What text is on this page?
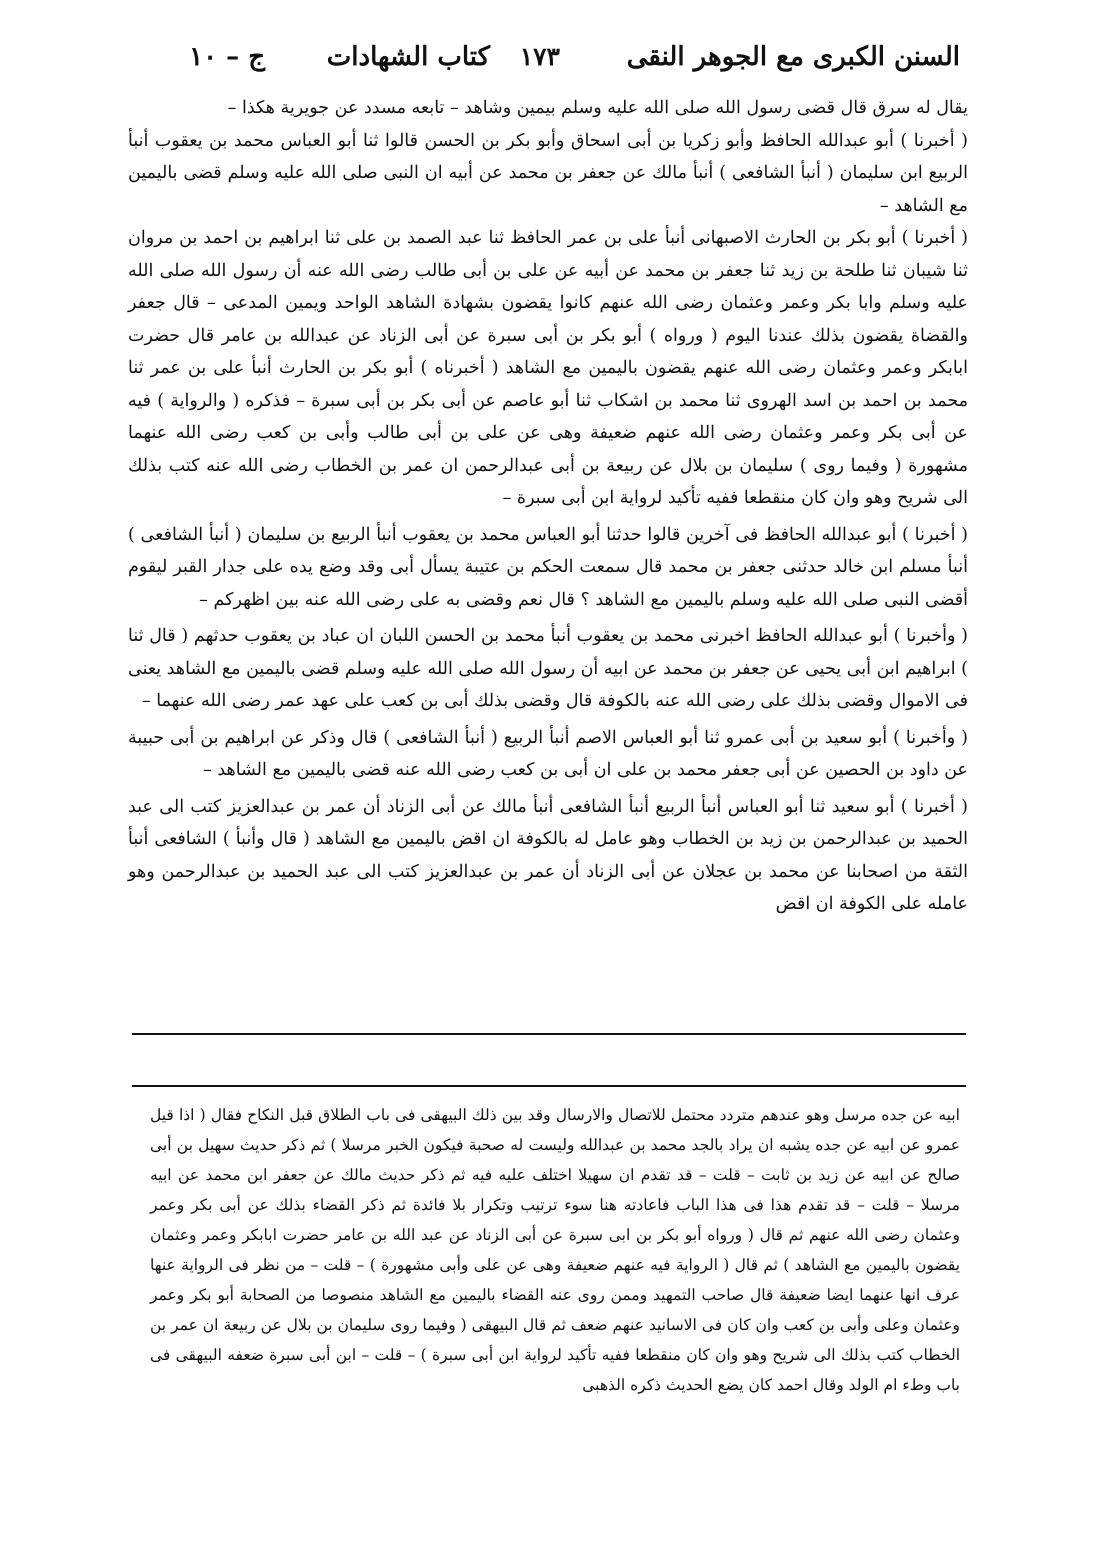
السنن الكبرى مع الجوهر النقى
١٧٣
كتاب الشهادات
ج – ١٠

يقال له سرق قال قضى رسول الله صلى الله عليه وسلم بيمين وشاهد – تابعه مسدد عن جويرية هكذا –

( أخبرنا ) أبو عبدالله الحافظ وأبو زكريا بن أبى اسحاق وأبو بكر بن الحسن قالوا ثنا أبو العباس محمد بن يعقوب أنبأ الربيع ابن سليمان ( أنبأ الشافعى ) أنبأ مالك عن جعفر بن محمد عن أبيه ان النبى صلى الله عليه وسلم قضى باليمين مع الشاهد –

( أخبرنا ) أبو بكر بن الحارث الاصبهانى أنبأ على بن عمر الحافظ ثنا عبد الصمد بن على ثنا ابراهيم بن احمد بن مروان ثنا شيبان ثنا طلحة بن زيد ثنا جعفر بن محمد عن أبيه عن على بن أبى طالب رضى الله عنه أن رسول الله صلى الله عليه وسلم وابا بكر وعمر وعثمان رضى الله عنهم كانوا يقضون بشهادة الشاهد الواحد ويمين المدعى – قال جعفر والقضاة يقضون بذلك عندنا اليوم ( ورواه ) أبو بكر بن أبى سبرة عن أبى الزناد عن عبدالله بن عامر قال حضرت ابابكر وعمر وعثمان رضى الله عنهم يقضون باليمين مع الشاهد ( أخبرناه ) أبو بكر بن الحارث أنبأ على بن عمر ثنا محمد بن احمد بن اسد الهروى ثنا محمد بن اشكاب ثنا أبو عاصم عن أبى بكر بن أبى سبرة – فذكره ( والرواية ) فيه عن أبى بكر وعمر وعثمان رضى الله عنهم ضعيفة وهى عن على بن أبى طالب وأبى بن كعب رضى الله عنهما مشهورة ( وفيما روى ) سليمان بن بلال عن ربيعة بن أبى عبدالرحمن ان عمر بن الخطاب رضى الله عنه كتب بذلك الى شريح وهو وان كان منقطعا ففيه تأكيد لرواية ابن أبى سبرة –

( أخبرنا ) أبو عبدالله الحافظ فى آخرين قالوا حدثنا أبو العباس محمد بن يعقوب أنبأ الربيع بن سليمان ( أنبأ الشافعى ) أنبأ مسلم ابن خالد حدثنى جعفر بن محمد قال سمعت الحكم بن عتيبة يسأل أبى وقد وضع يده على جدار القبر ليقوم أقضى النبى صلى الله عليه وسلم باليمين مع الشاهد ؟ قال نعم وقضى به على رضى الله عنه بين اظهركم –

( وأخبرنا ) أبو عبدالله الحافظ اخبرنى محمد بن يعقوب أنبأ محمد بن الحسن اللبان ان عباد بن يعقوب حدثهم ( قال ثنا ) ابراهيم ابن أبى يحيى عن جعفر بن محمد عن ابيه أن رسول الله صلى الله عليه وسلم قضى باليمين مع الشاهد يعنى فى الاموال وقضى بذلك على رضى الله عنه بالكوفة قال وقضى بذلك أبى بن كعب على عهد عمر رضى الله عنهما –

( وأخبرنا ) أبو سعيد بن أبى عمرو ثنا أبو العباس الاصم أنبأ الربيع ( أنبأ الشافعى ) قال وذكر عن ابراهيم بن أبى حبيبة عن داود بن الحصين عن أبى جعفر محمد بن على ان أبى بن كعب رضى الله عنه قضى باليمين مع الشاهد –

( أخبرنا ) أبو سعيد ثنا أبو العباس أنبأ الربيع أنبأ الشافعى أنبأ مالك عن أبى الزناد أن عمر بن عبدالعزيز كتب الى عبد الحميد بن عبدالرحمن بن زيد بن الخطاب وهو عامل له بالكوفة ان اقض باليمين مع الشاهد ( قال وأنبأ ) الشافعى أنبأ الثقة من اصحابنا عن محمد بن عجلان عن أبى الزناد أن عمر بن عبدالعزيز كتب الى عبد الحميد بن عبدالرحمن وهو عامله على الكوفة ان اقض

ابيه عن جده مرسل وهو عندهم متردد محتمل للاتصال والارسال وقد بين ذلك البيهقى فى باب الطلاق قبل النكاح فقال ( اذا قيل عمرو عن ابيه عن جده يشبه ان يراد بالجد محمد بن عبدالله وليست له صحبة فيكون الخبر مرسلا ) ثم ذكر حديث سهيل بن أبى صالح عن ابيه عن زيد بن ثابت – قلت – قد تقدم ان سهيلا اختلف عليه فيه ثم ذكر حديث مالك عن جعفر ابن محمد عن ابيه مرسلا – قلت – قد تقدم هذا فى هذا الباب فاعادته هنا سوء ترتيب وتكرار بلا فائدة ثم ذكر القضاء بذلك عن أبى بكر وعمر وعثمان رضى الله عنهم ثم قال ( ورواه أبو بكر بن ابى سبرة عن أبى الزناد عن عبد الله بن عامر حضرت ابابكر وعمر وعثمان يقضون باليمين مع الشاهد ) ثم قال ( الرواية فيه عنهم ضعيفة وهى عن على وأبى مشهورة ) – قلت – من نظر فى الرواية عنها عرف انها عنهما ايضا ضعيفة قال صاحب التمهيد وممن روى عنه القضاء باليمين مع الشاهد منصوصا من الصحابة أبو بكر وعمر وعثمان وعلى وأبى بن كعب وان كان فى الاسانيد عنهم ضعف ثم قال البيهقى ( وفيما روى سليمان بن بلال عن ربيعة ان عمر بن الخطاب كتب بذلك الى شريح وهو وان كان منقطعا ففيه تأكيد لرواية ابن أبى سبرة ) – قلت – ابن أبى سبرة ضعفه البيهقى فى باب وطء ام الولد وقال احمد كان يضع الحديث ذكره الذهبى
